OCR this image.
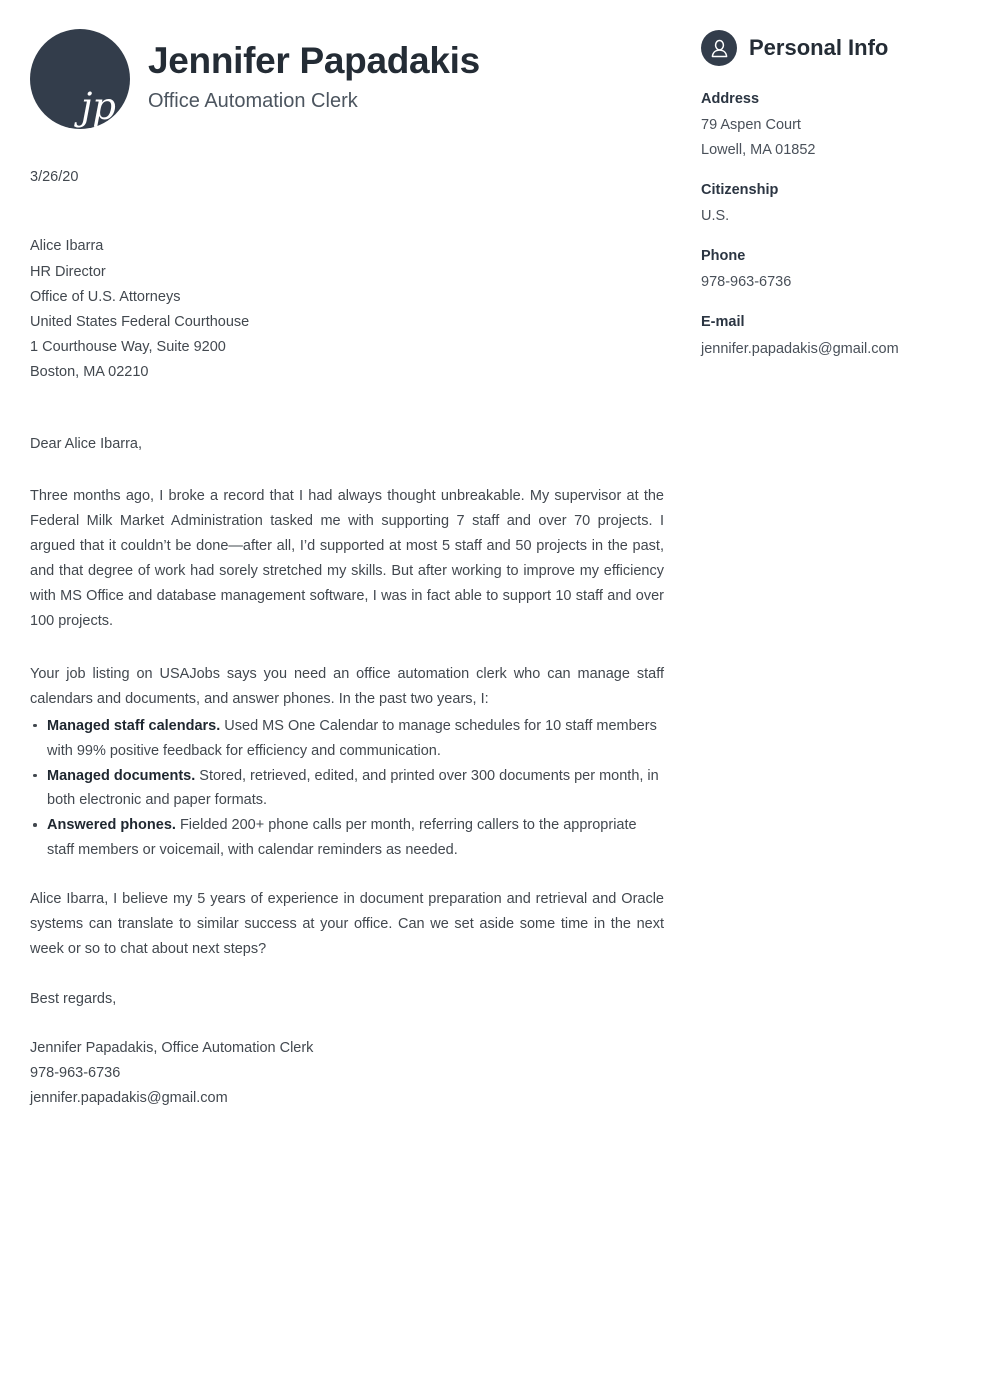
jp
Jennifer Papadakis
Office Automation Clerk
3/26/20
Alice Ibarra
HR Director
Office of U.S. Attorneys
United States Federal Courthouse
1 Courthouse Way, Suite 9200
Boston, MA 02210
Dear Alice Ibarra,
Three months ago, I broke a record that I had always thought unbreakable. My supervisor at the Federal Milk Market Administration tasked me with supporting 7 staff and over 70 projects. I argued that it couldn’t be done—after all, I’d supported at most 5 staff and 50 projects in the past, and that degree of work had sorely stretched my skills. But after working to improve my efficiency with MS Office and database management software, I was in fact able to support 10 staff and over 100 projects.
Your job listing on USAJobs says you need an office automation clerk who can manage staff calendars and documents, and answer phones. In the past two years, I:
Managed staff calendars. Used MS One Calendar to manage schedules for 10 staff members with 99% positive feedback for efficiency and communication.
Managed documents. Stored, retrieved, edited, and printed over 300 documents per month, in both electronic and paper formats.
Answered phones. Fielded 200+ phone calls per month, referring callers to the appropriate staff members or voicemail, with calendar reminders as needed.
Alice Ibarra, I believe my 5 years of experience in document preparation and retrieval and Oracle systems can translate to similar success at your office. Can we set aside some time in the next week or so to chat about next steps?
Best regards,
Jennifer Papadakis, Office Automation Clerk
978-963-6736
jennifer.papadakis@gmail.com
Personal Info
Address
79 Aspen Court
Lowell, MA 01852
Citizenship
U.S.
Phone
978-963-6736
E-mail
jennifer.papadakis@gmail.com
